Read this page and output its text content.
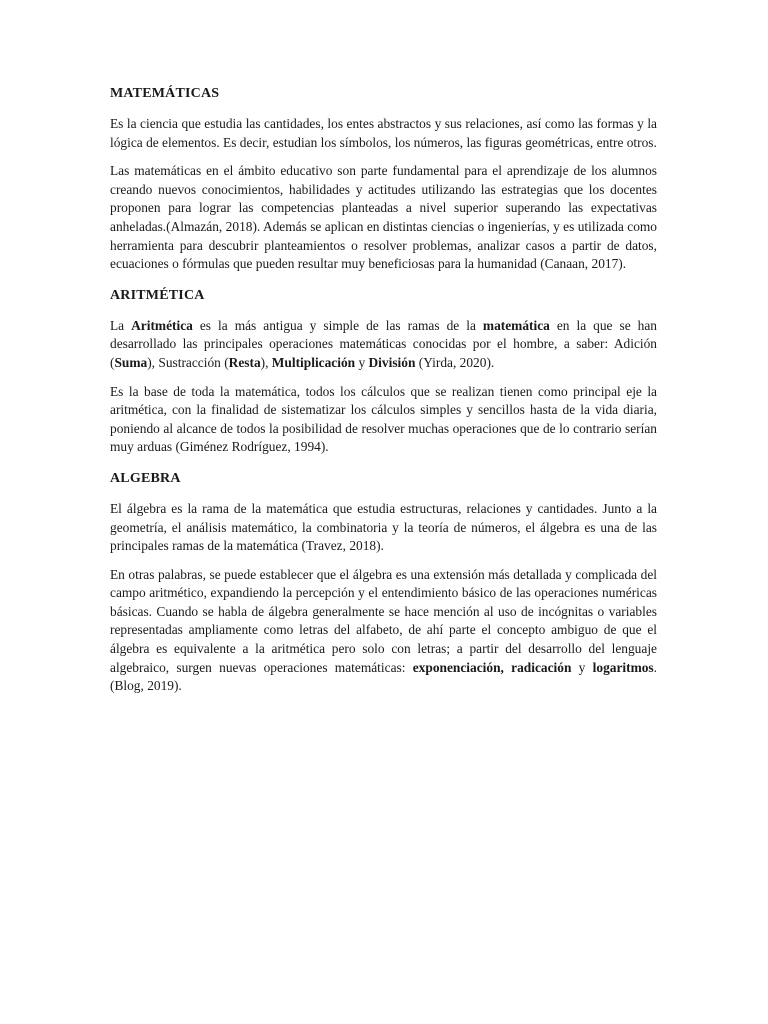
MATEMÁTICAS

Es la ciencia que estudia las cantidades, los entes abstractos y sus relaciones, así como las formas y la lógica de elementos. Es decir, estudian los símbolos, los números, las figuras geométricas, entre otros.

Las matemáticas en el ámbito educativo son parte fundamental para el aprendizaje de los alumnos creando nuevos conocimientos, habilidades y actitudes utilizando las estrategias que los docentes proponen para lograr las competencias planteadas a nivel superior superando las expectativas anheladas.(Almazán, 2018). Además se aplican en distintas ciencias o ingenierías, y es utilizada como herramienta para descubrir planteamientos o resolver problemas, analizar casos a partir de datos, ecuaciones o fórmulas que pueden resultar muy beneficiosas para la humanidad (Canaan, 2017).

ARITMÉTICA

La Aritmética es la más antigua y simple de las ramas de la matemática en la que se han desarrollado las principales operaciones matemáticas conocidas por el hombre, a saber: Adición (Suma), Sustracción (Resta), Multiplicación y División (Yirda, 2020).

Es la base de toda la matemática, todos los cálculos que se realizan tienen como principal eje la aritmética, con la finalidad de sistematizar los cálculos simples y sencillos hasta de la vida diaria, poniendo al alcance de todos la posibilidad de resolver muchas operaciones que de lo contrario serían muy arduas (Giménez Rodríguez, 1994).

ALGEBRA

El álgebra es la rama de la matemática que estudia estructuras, relaciones y cantidades. Junto a la geometría, el análisis matemático, la combinatoria y la teoría de números, el álgebra es una de las principales ramas de la matemática (Travez, 2018).

En otras palabras, se puede establecer que el álgebra es una extensión más detallada y complicada del campo aritmético, expandiendo la percepción y el entendimiento básico de las operaciones numéricas básicas. Cuando se habla de álgebra generalmente se hace mención al uso de incógnitas o variables representadas ampliamente como letras del alfabeto, de ahí parte el concepto ambiguo de que el álgebra es equivalente a la aritmética pero solo con letras; a partir del desarrollo del lenguaje algebraico, surgen nuevas operaciones matemáticas: exponenciación, radicación y logaritmos. (Blog, 2019).
